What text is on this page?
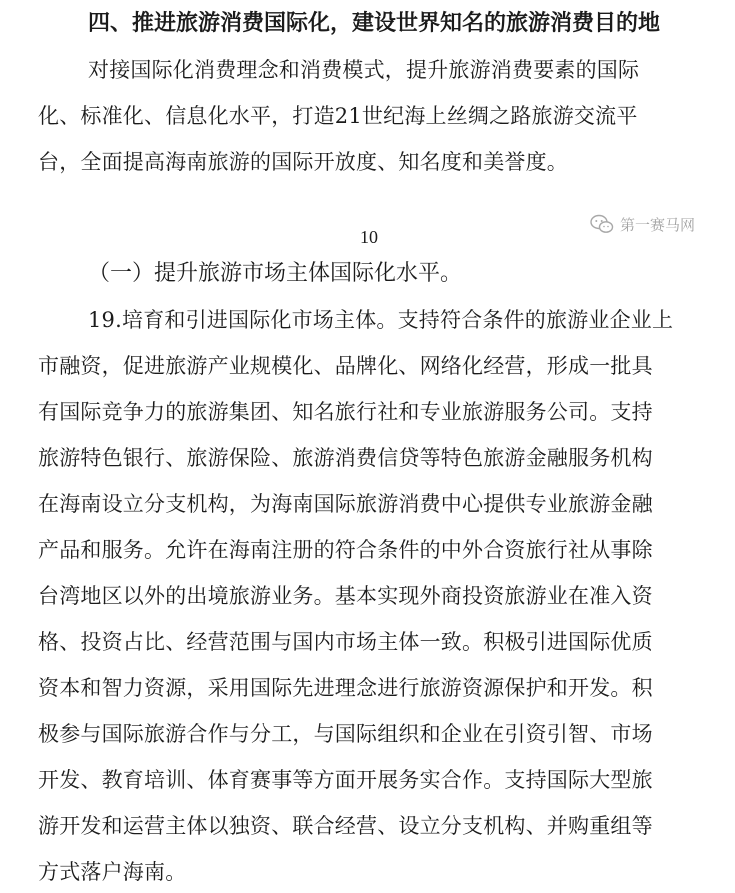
四、推进旅游消费国际化，建设世界知名的旅游消费目的地
对接国际化消费理念和消费模式，提升旅游消费要素的国际
化、标准化、信息化水平，打造21世纪海上丝绸之路旅游交流平
台，全面提高海南旅游的国际开放度、知名度和美誉度。
第一赛马网
10
（一）提升旅游市场主体国际化水平。
19.培育和引进国际化市场主体。支持符合条件的旅游业企业上
市融资，促进旅游产业规模化、品牌化、网络化经营，形成一批具
有国际竞争力的旅游集团、知名旅行社和专业旅游服务公司。支持
旅游特色银行、旅游保险、旅游消费信贷等特色旅游金融服务机构
在海南设立分支机构，为海南国际旅游消费中心提供专业旅游金融
产品和服务。允许在海南注册的符合条件的中外合资旅行社从事除
台湾地区以外的出境旅游业务。基本实现外商投资旅游业在准入资
格、投资占比、经营范围与国内市场主体一致。积极引进国际优质
资本和智力资源，采用国际先进理念进行旅游资源保护和开发。积
极参与国际旅游合作与分工，与国际组织和企业在引资引智、市场
开发、教育培训、体育赛事等方面开展务实合作。支持国际大型旅
游开发和运营主体以独资、联合经营、设立分支机构、并购重组等
方式落户海南。
